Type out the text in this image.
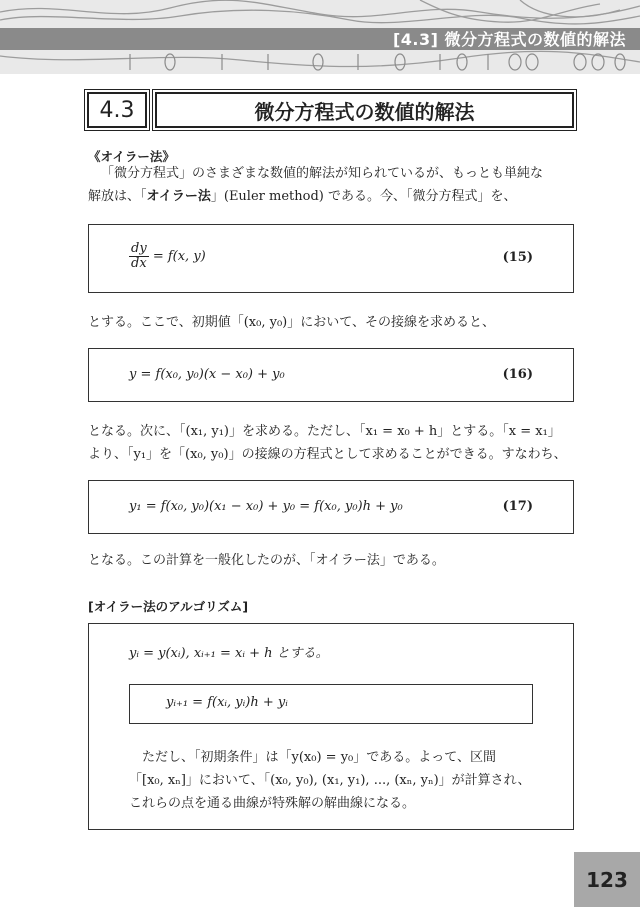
[4.3] 微分方程式の数値的解法
4.3	微分方程式の数値的解法
《オイラー法》
「微分方程式」のさまざまな数値的解法が知られているが、もっとも単純な
解放は、「オイラー法」(Euler method) である。今、「微分方程式」を、
$\frac{dy}{dx} = f(x$, y)	(15)
とする。ここで、初期値「(x₀, y₀)」において、その接線を求めると、
y = f(x₀, y₀)(x − x₀) + y₀	(16)
となる。次に、「(x₁, y₁)」を求める。ただし、「x₁ = x₀ + h」とする。「x = x₁」
より、「y₁」を「(x₀, y₀)」の接線の方程式として求めることができる。すなわち、
y₁ = f(x₀, y₀)(x₁ − x₀) + y₀ = f(x₀, y₀)h + y₀	(17)
となる。この計算を一般化したのが、「オイラー法」である。
[オイラー法のアルゴリズム]
yᵢ = y(xᵢ), xᵢ₊₁ = xᵢ + h とする。
yᵢ₊₁ = f(xᵢ, yᵢ)h + yᵢ
ただし、「初期条件」は「y(x₀) = y₀」である。よって、区間
「[x₀, xₙ]」において、「(x₀, y₀), (x₁, y₁), ..., (xₙ, yₙ)」が計算され、
これらの点を通る曲線が特殊解の解曲線になる。
123
